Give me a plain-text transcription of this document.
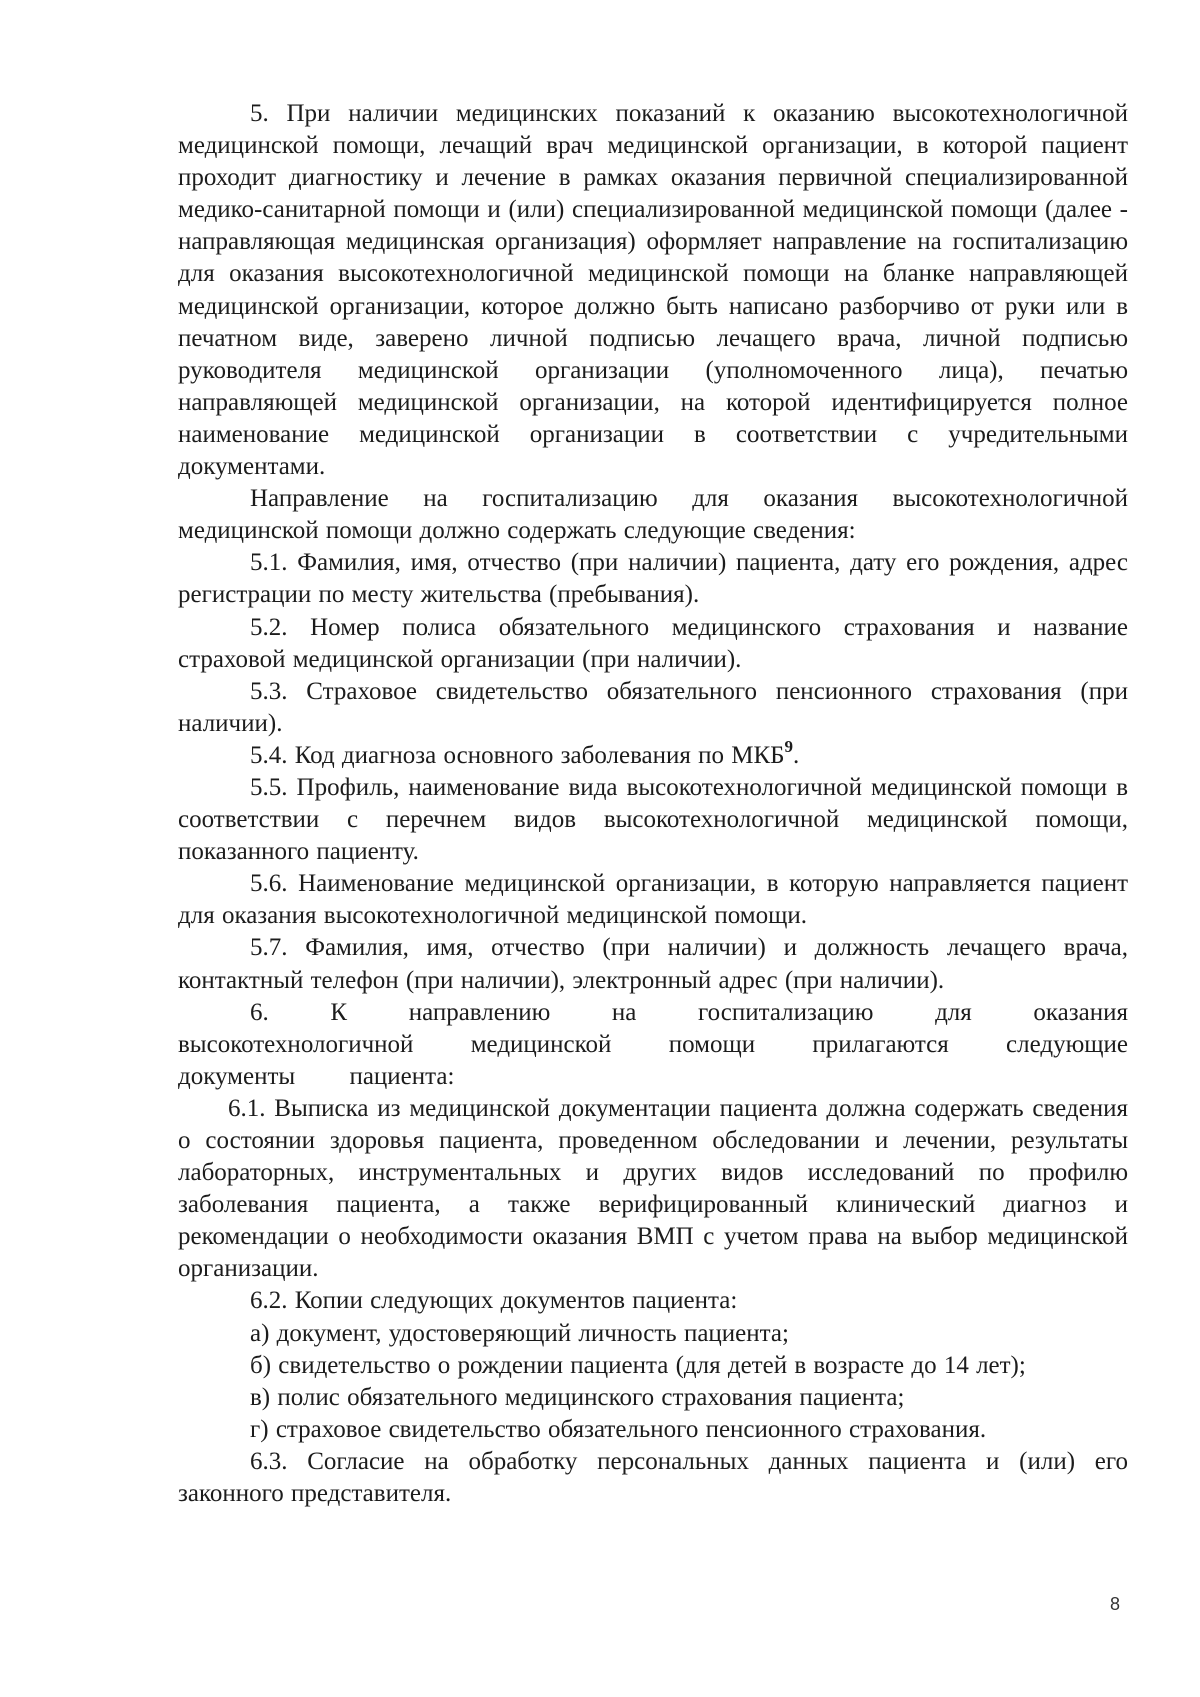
5. При наличии медицинских показаний к оказанию высокотехнологичной медицинской помощи, лечащий врач медицинской организации, в которой пациент проходит диагностику и лечение в рамках оказания первичной специализированной медико-санитарной помощи и (или) специализированной медицинской помощи (далее - направляющая медицинская организация) оформляет направление на госпитализацию для оказания высокотехнологичной медицинской помощи на бланке направляющей медицинской организации, которое должно быть написано разборчиво от руки или в печатном виде, заверено личной подписью лечащего врача, личной подписью руководителя медицинской организации (уполномоченного лица), печатью направляющей медицинской организации, на которой идентифицируется полное наименование медицинской организации в соответствии с учредительными документами.

Направление на госпитализацию для оказания высокотехнологичной медицинской помощи должно содержать следующие сведения:

5.1. Фамилия, имя, отчество (при наличии) пациента, дату его рождения, адрес регистрации по месту жительства (пребывания).

5.2. Номер полиса обязательного медицинского страхования и название страховой медицинской организации (при наличии).

5.3. Страховое свидетельство обязательного пенсионного страхования (при наличии).

5.4. Код диагноза основного заболевания по МКБ$^9$.

5.5. Профиль, наименование вида высокотехнологичной медицинской помощи в соответствии с перечнем видов высокотехнологичной медицинской помощи, показанного пациенту.

5.6. Наименование медицинской организации, в которую направляется пациент для оказания высокотехнологичной медицинской помощи.

5.7. Фамилия, имя, отчество (при наличии) и должность лечащего врача, контактный телефон (при наличии), электронный адрес (при наличии).

6. К направлению на госпитализацию для оказания высокотехнологичной медицинской помощи прилагаются следующие документы пациента:

6.1. Выписка из медицинской документации пациента должна содержать сведения о состоянии здоровья пациента, проведенном обследовании и лечении, результаты лабораторных, инструментальных и других видов исследований по профилю заболевания пациента, а также верифицированный клинический диагноз и рекомендации о необходимости оказания ВМП с учетом права на выбор медицинской организации.

6.2. Копии следующих документов пациента:

а) документ, удостоверяющий личность пациента;

б) свидетельство о рождении пациента (для детей в возрасте до 14 лет);

в) полис обязательного медицинского страхования пациента;

г) страховое свидетельство обязательного пенсионного страхования.

6.3. Согласие на обработку персональных данных пациента и (или) его законного представителя.

8
